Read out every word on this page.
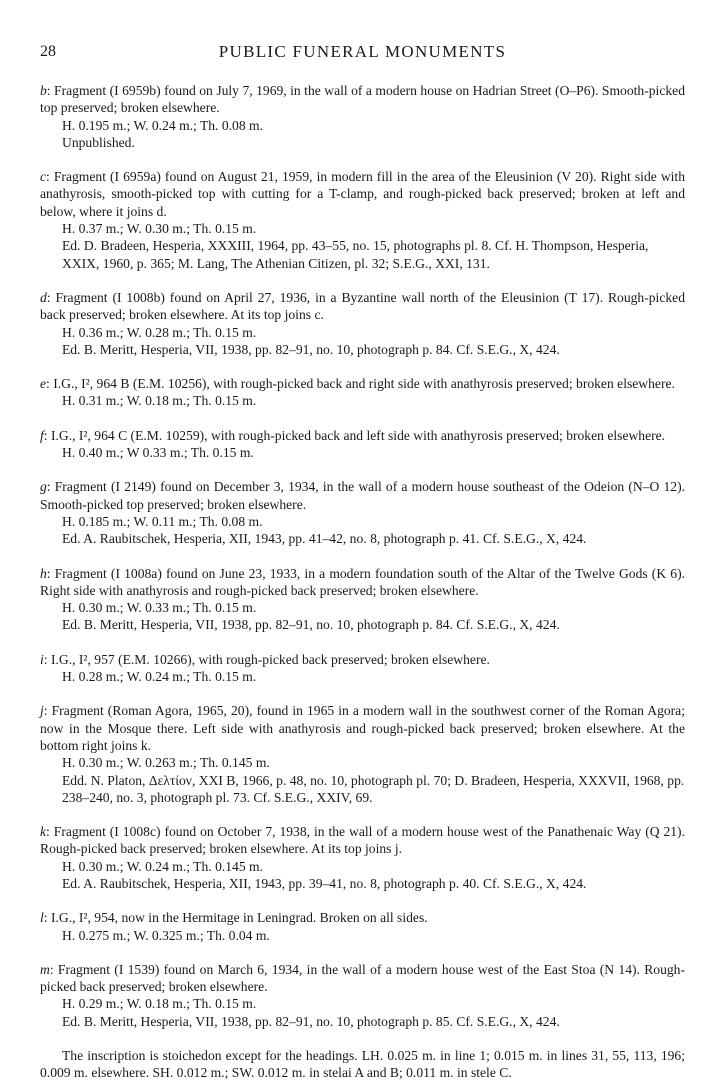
28	PUBLIC FUNERAL MONUMENTS

b: Fragment (I 6959b) found on July 7, 1969, in the wall of a modern house on Hadrian Street (O–P6). Smooth-picked top preserved; broken elsewhere.

H. 0.195 m.; W. 0.24 m.; Th. 0.08 m.

Unpublished.

c: Fragment (I 6959a) found on August 21, 1959, in modern fill in the area of the Eleusinion (V 20). Right side with anathyrosis, smooth-picked top with cutting for a T-clamp, and rough-picked back preserved; broken at left and below, where it joins d.

H. 0.37 m.; W. 0.30 m.; Th. 0.15 m.

Ed. D. Bradeen, Hesperia, XXXIII, 1964, pp. 43–55, no. 15, photographs pl. 8. Cf. H. Thompson, Hesperia, XXIX, 1960, p. 365; M. Lang, The Athenian Citizen, pl. 32; S.E.G., XXI, 131.

d: Fragment (I 1008b) found on April 27, 1936, in a Byzantine wall north of the Eleusinion (T 17). Rough-picked back preserved; broken elsewhere. At its top joins c.

H. 0.36 m.; W. 0.28 m.; Th. 0.15 m.

Ed. B. Meritt, Hesperia, VII, 1938, pp. 82–91, no. 10, photograph p. 84. Cf. S.E.G., X, 424.

e: I.G., I², 964 B (E.M. 10256), with rough-picked back and right side with anathyrosis preserved; broken elsewhere.

H. 0.31 m.; W. 0.18 m.; Th. 0.15 m.

f: I.G., I², 964 C (E.M. 10259), with rough-picked back and left side with anathyrosis preserved; broken elsewhere.

H. 0.40 m.; W 0.33 m.; Th. 0.15 m.

g: Fragment (I 2149) found on December 3, 1934, in the wall of a modern house southeast of the Odeion (N–O 12). Smooth-picked top preserved; broken elsewhere.

H. 0.185 m.; W. 0.11 m.; Th. 0.08 m.

Ed. A. Raubitschek, Hesperia, XII, 1943, pp. 41–42, no. 8, photograph p. 41. Cf. S.E.G., X, 424.

h: Fragment (I 1008a) found on June 23, 1933, in a modern foundation south of the Altar of the Twelve Gods (K 6). Right side with anathyrosis and rough-picked back preserved; broken elsewhere.

H. 0.30 m.; W. 0.33 m.; Th. 0.15 m.

Ed. B. Meritt, Hesperia, VII, 1938, pp. 82–91, no. 10, photograph p. 84. Cf. S.E.G., X, 424.

i: I.G., I², 957 (E.M. 10266), with rough-picked back preserved; broken elsewhere.

H. 0.28 m.; W. 0.24 m.; Th. 0.15 m.

j: Fragment (Roman Agora, 1965, 20), found in 1965 in a modern wall in the southwest corner of the Roman Agora; now in the Mosque there. Left side with anathyrosis and rough-picked back preserved; broken elsewhere. At the bottom right joins k.

H. 0.30 m.; W. 0.263 m.; Th. 0.145 m.

Edd. N. Platon, Δελτίον, XXI B, 1966, p. 48, no. 10, photograph pl. 70; D. Bradeen, Hesperia, XXXVII, 1968, pp. 238–240, no. 3, photograph pl. 73. Cf. S.E.G., XXIV, 69.

k: Fragment (I 1008c) found on October 7, 1938, in the wall of a modern house west of the Panathenaic Way (Q 21). Rough-picked back preserved; broken elsewhere. At its top joins j.

H. 0.30 m.; W. 0.24 m.; Th. 0.145 m.

Ed. A. Raubitschek, Hesperia, XII, 1943, pp. 39–41, no. 8, photograph p. 40. Cf. S.E.G., X, 424.

l: I.G., I², 954, now in the Hermitage in Leningrad. Broken on all sides.

H. 0.275 m.; W. 0.325 m.; Th. 0.04 m.

m: Fragment (I 1539) found on March 6, 1934, in the wall of a modern house west of the East Stoa (N 14). Rough-picked back preserved; broken elsewhere.

H. 0.29 m.; W. 0.18 m.; Th. 0.15 m.

Ed. B. Meritt, Hesperia, VII, 1938, pp. 82–91, no. 10, photograph p. 85. Cf. S.E.G., X, 424.

The inscription is stoichedon except for the headings. LH. 0.025 m. in line 1; 0.015 m. in lines 31, 55, 113, 196; 0.009 m. elsewhere. SH. 0.012 m.; SW. 0.012 m. in stelai A and B; 0.011 m. in stele C.
